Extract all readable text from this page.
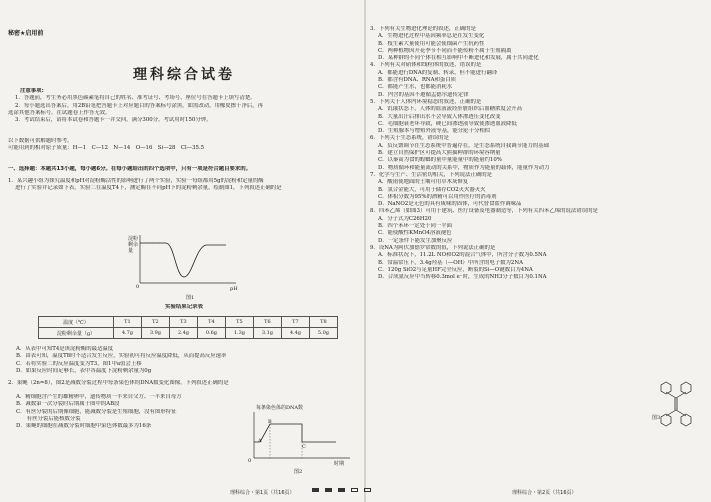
秘密★启用前
理科综合试卷
注意事项:
1．答题前，考生务必用黑色碳素笔将自己的姓名、准考证号、考场号、座位号在答题卡上填写清楚。
2．每小题选出答案后，用2B铅笔把答题卡上对应题目的答案标号涂黑，如需改动，用橡皮擦干净后，再
选涂其他答案标号。在试题卷上作答无效。
3．考试结束后，请将本试卷和答题卡一并交回。满分300分，考试用时150分钟。
以下数据可供解题时参考。
可能用到的相对原子质量：H—1　C—12　N—14　O—16　Si—28　Cl—35.5
一、选择题：本题共13小题，每小题6分。在每小题给出的四个选项中，只有一项是符合题目要求的。
1．某兴趣小组为探究温度和pH对淀粉酶活性的影响进行了两个实验，实验一每组都用5g的淀粉和定量的酶
进行了实验并记录如下表，实验二在温度T4下，测定酶在不同pH下的淀粉剩余量，绘制图1，下列叙述正确的是
淀粉剩余量
pH
0
图1
实验结果记录表
温度（℃）	T1	T2	T3	T4	T5	T6	T7	T8
淀粉剩余量（g）	4.7g	3.9g	2.4g	0.6g	1.3g	3.1g	4.4g	5.0g
A．从表中可知T4是该淀粉酶的最适温度
B．由表可知，温度T8时不适合发生反应，实验初可将反应温度降低，从而提高反应速率
C．若将实验二的反应温度变为T3，图1中a值会上移
D．如果反应时间足够长，表中各温度下淀粉剩余量为0g
2．果蝇（2n=8），图2是减数分裂过程中每条染色体的DNA数变化图像，下列叙述正确的是
A．精细胞含产生的雄精卵中，遗传物质一半来自父方、一半来自母方
B．减数第一次分裂时后期属于图中的AB段
C．有丝分裂的后期像细胞，能减数分裂是生殖细胞，没有图形特征
　　有丝分裂后能核数分裂
D．果蝇的细胞在减数分裂时细胞中染色体数最多为16条
每条染色体的DNA数
B
C
A
0	时期
图2
理科综合・第1页（共16页）
3．下列有关生物进化理论的叙述，正确的是
A．生物进化过程中基因频率总是在发生变化
B．枝生素大量使用可能会使细菌产生抗药性
C．两种植物因开花季节不同而不能传粉不属于生殖隔离
D．某种群的不同个体在相互影响中不断进化和发展，属于共同进化
4．下列有关对硝体和线粒体的叙述，错误的是
A．都能进行DNA的复制、转录，但不能进行翻译
B．都含有DNA、RNA和蛋白质
C．都能产生水，也都能消耗水
D．内含的基因不遵循孟德尔遗传定律
5．下列关于人体内环境稳态的叙述，正确的是
A．饥饿状态下，人体的血液流经肝脏组织后血糖浓度会升高
B．大量出汗后排出水不会导致人体渗透压变化改变
C．毛细胞衰老坏导致，硬已间渗透液导致使渗透血液降低
D．生殖腺本与增殖外液等基，能分泌十分相似
6．下列关于生态系统，错误的是
A．负反馈调节在生态系统中普遍存在，是生态系统自我调节能力的基础
B．建立自然保护区可提高大熊猫种群的环境容纳量
C．以秦蒿为食的蝗螂的量中量能量中的能量约10%
D．物质循环和能量流动的关系中，物质作为能量的载体，能量作为动力
7．化学与生产、生活密切相关，下列说法正确的是
A．酸雨使地面的土壤可用草木灰修复
B．氢合金能大，可用于储存CO2灭火器灭火
C．体积分数为95%的酒精可以用作医疗的消毒剂
D．NaNO2是无色的具有咸味的固体，可代替食盐作调味品
8．四苯乙烯（如图3）可用于建筑、医疗设备及电器制造等，下列有关四苯乙烯的说法错误的是
A．分子式为C26H20
B．四个苯环一定处于同一平面
C．能使酸性KMnO4溶液褪色
D．一定条件下能发生加聚反应
9．设NA为阿伏加德罗常数的值，下列说法正确的是
A．标准状况下，11.2L NO和O2的混合气体中，所含分子数为0.5NA
B．常温常压下，3.4g羟基（—OH）中所含的电子数为2NA
C．120g SiO2与足量HF完全反应，断裂的Si—O键数目为4NA
D．合成氨反应中当转移0.3mol e⁻时，生成的NH3分子数目为0.1NA
图3
理科综合・第2页（共16页）
